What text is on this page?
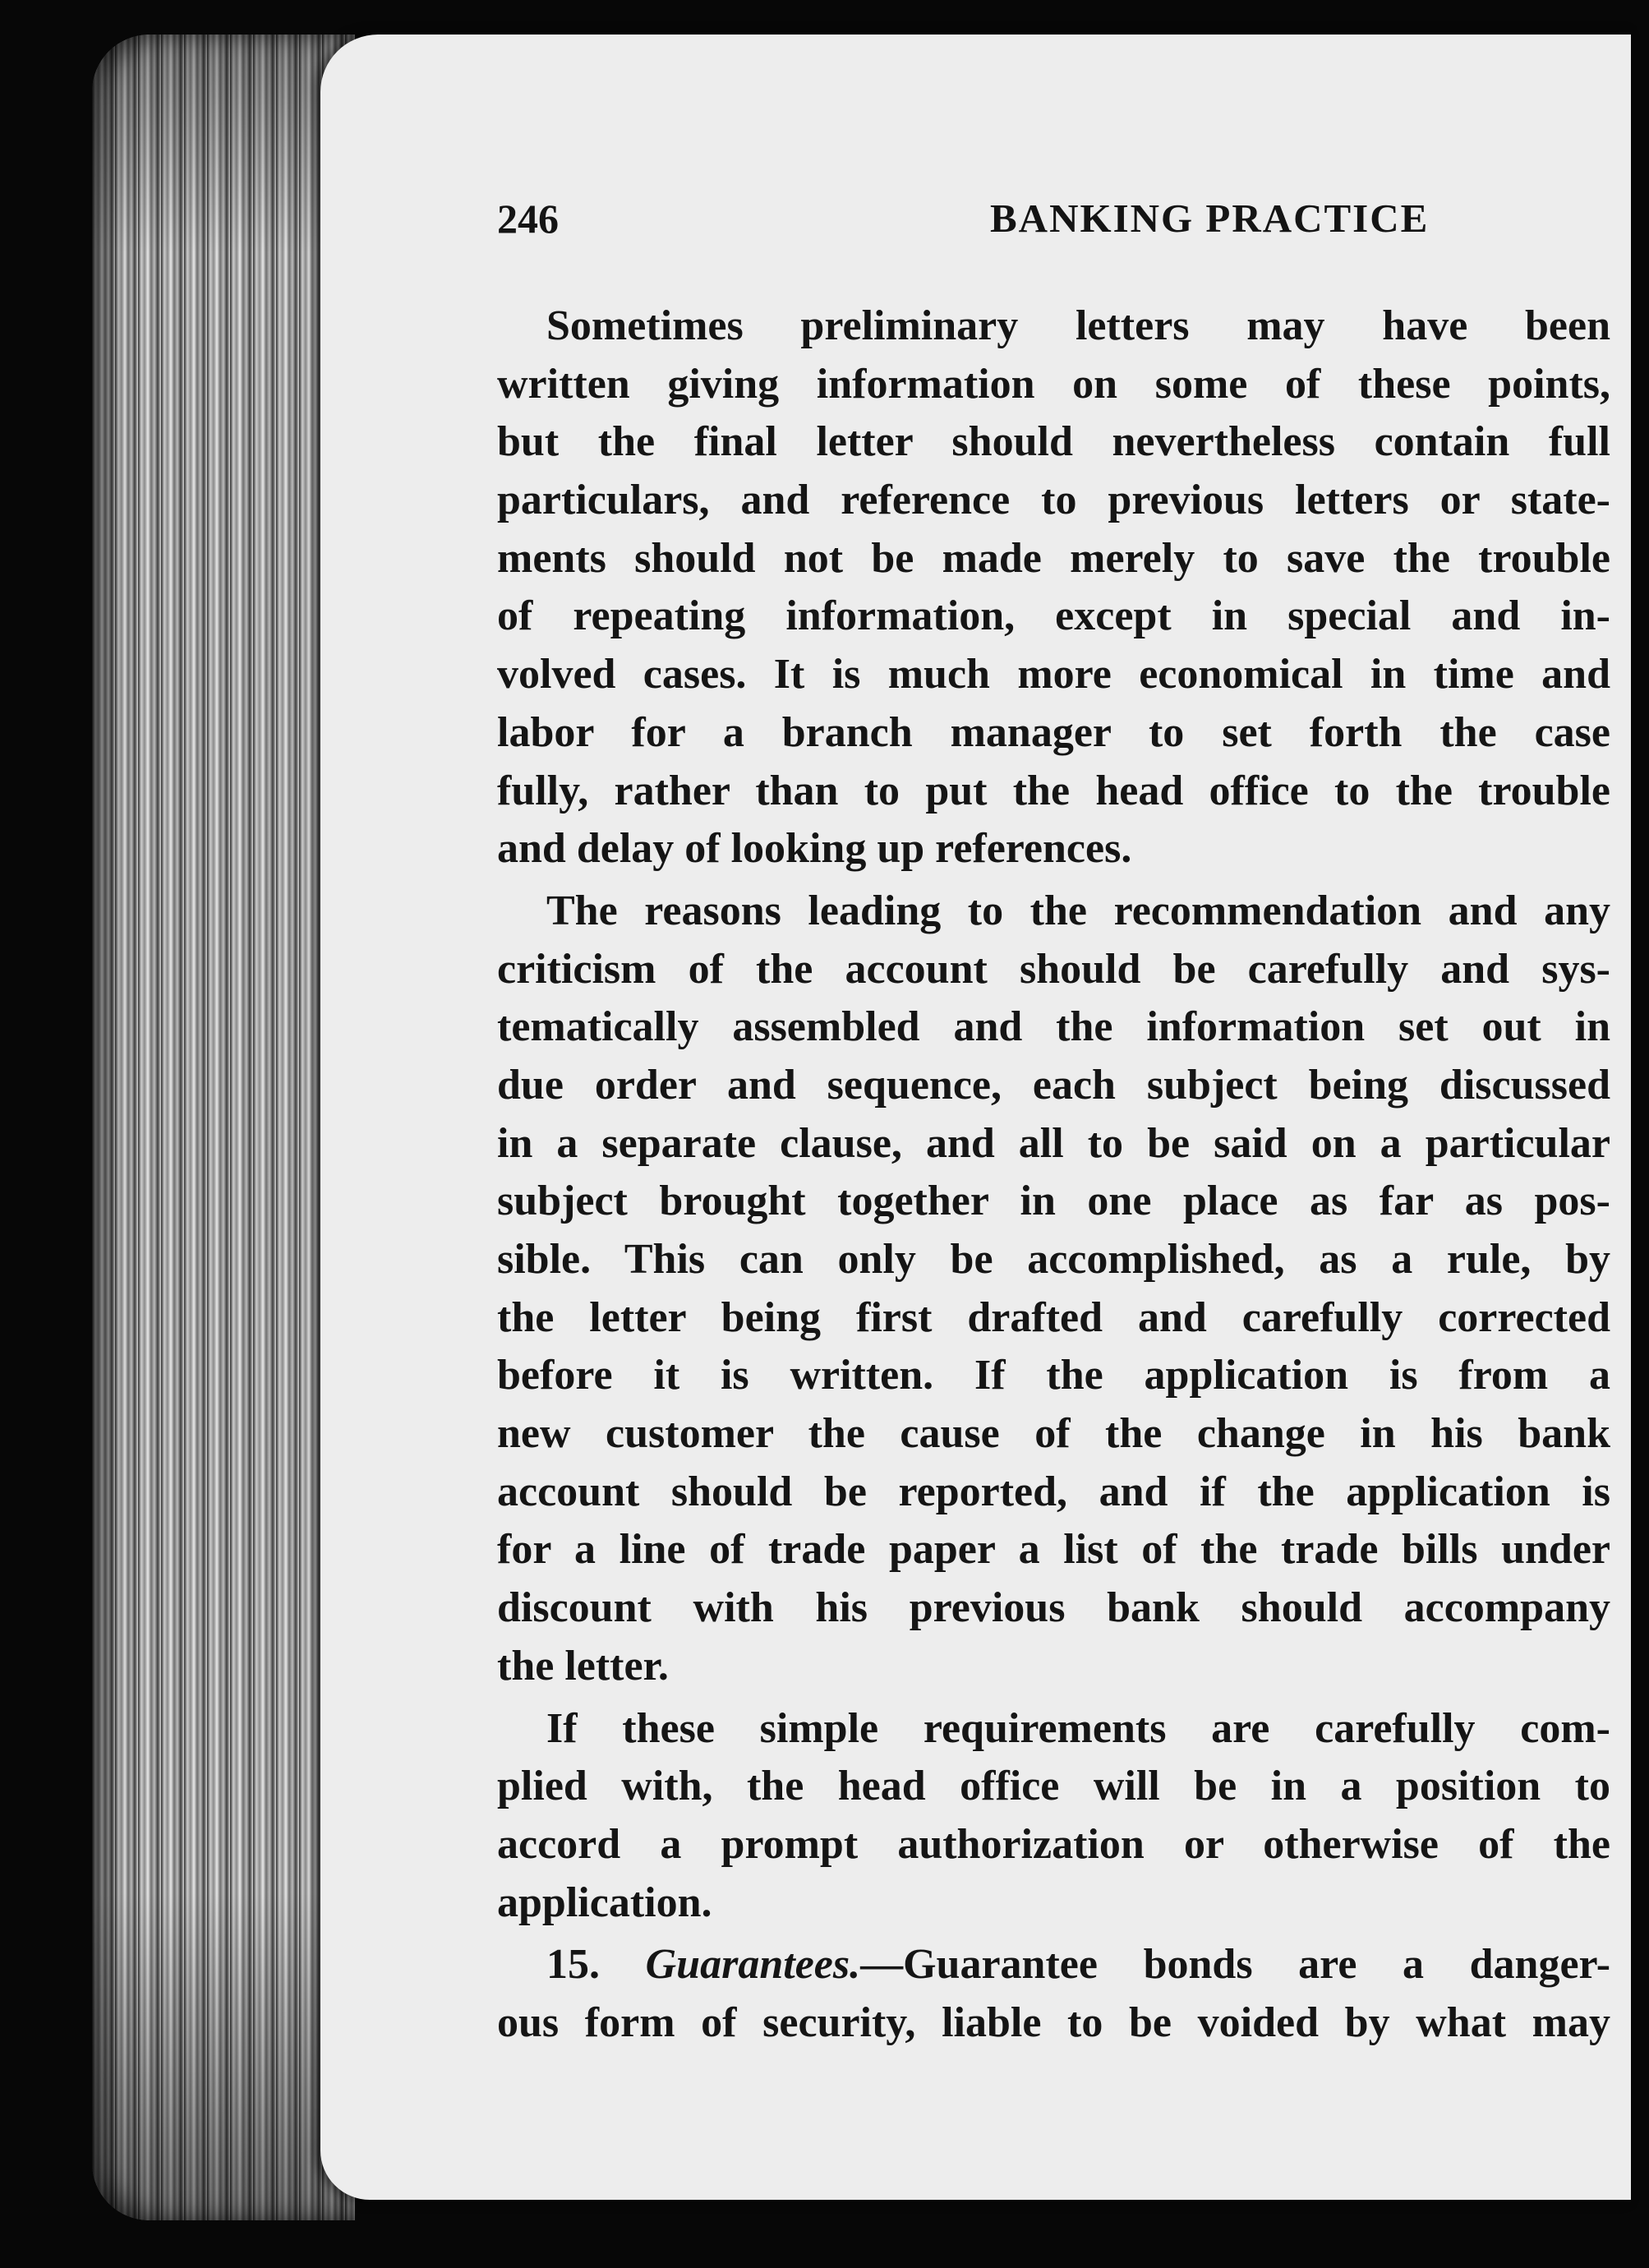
246	BANKING PRACTICE
Sometimes preliminary letters may have been
written giving information on some of these points,
but the final letter should nevertheless contain full
particulars, and reference to previous letters or state-
ments should not be made merely to save the trouble
of repeating information, except in special and in-
volved cases. It is much more economical in time and
labor for a branch manager to set forth the case
fully, rather than to put the head office to the trouble
and delay of looking up references.
The reasons leading to the recommendation and any
criticism of the account should be carefully and sys-
tematically assembled and the information set out in
due order and sequence, each subject being discussed
in a separate clause, and all to be said on a particular
subject brought together in one place as far as pos-
sible. This can only be accomplished, as a rule, by
the letter being first drafted and carefully corrected
before it is written. If the application is from a
new customer the cause of the change in his bank
account should be reported, and if the application is
for a line of trade paper a list of the trade bills under
discount with his previous bank should accompany
the letter.
If these simple requirements are carefully com-
plied with, the head office will be in a position to
accord a prompt authorization or otherwise of the
application.
15. Guarantees.—Guarantee bonds are a danger-
ous form of security, liable to be voided by what may
